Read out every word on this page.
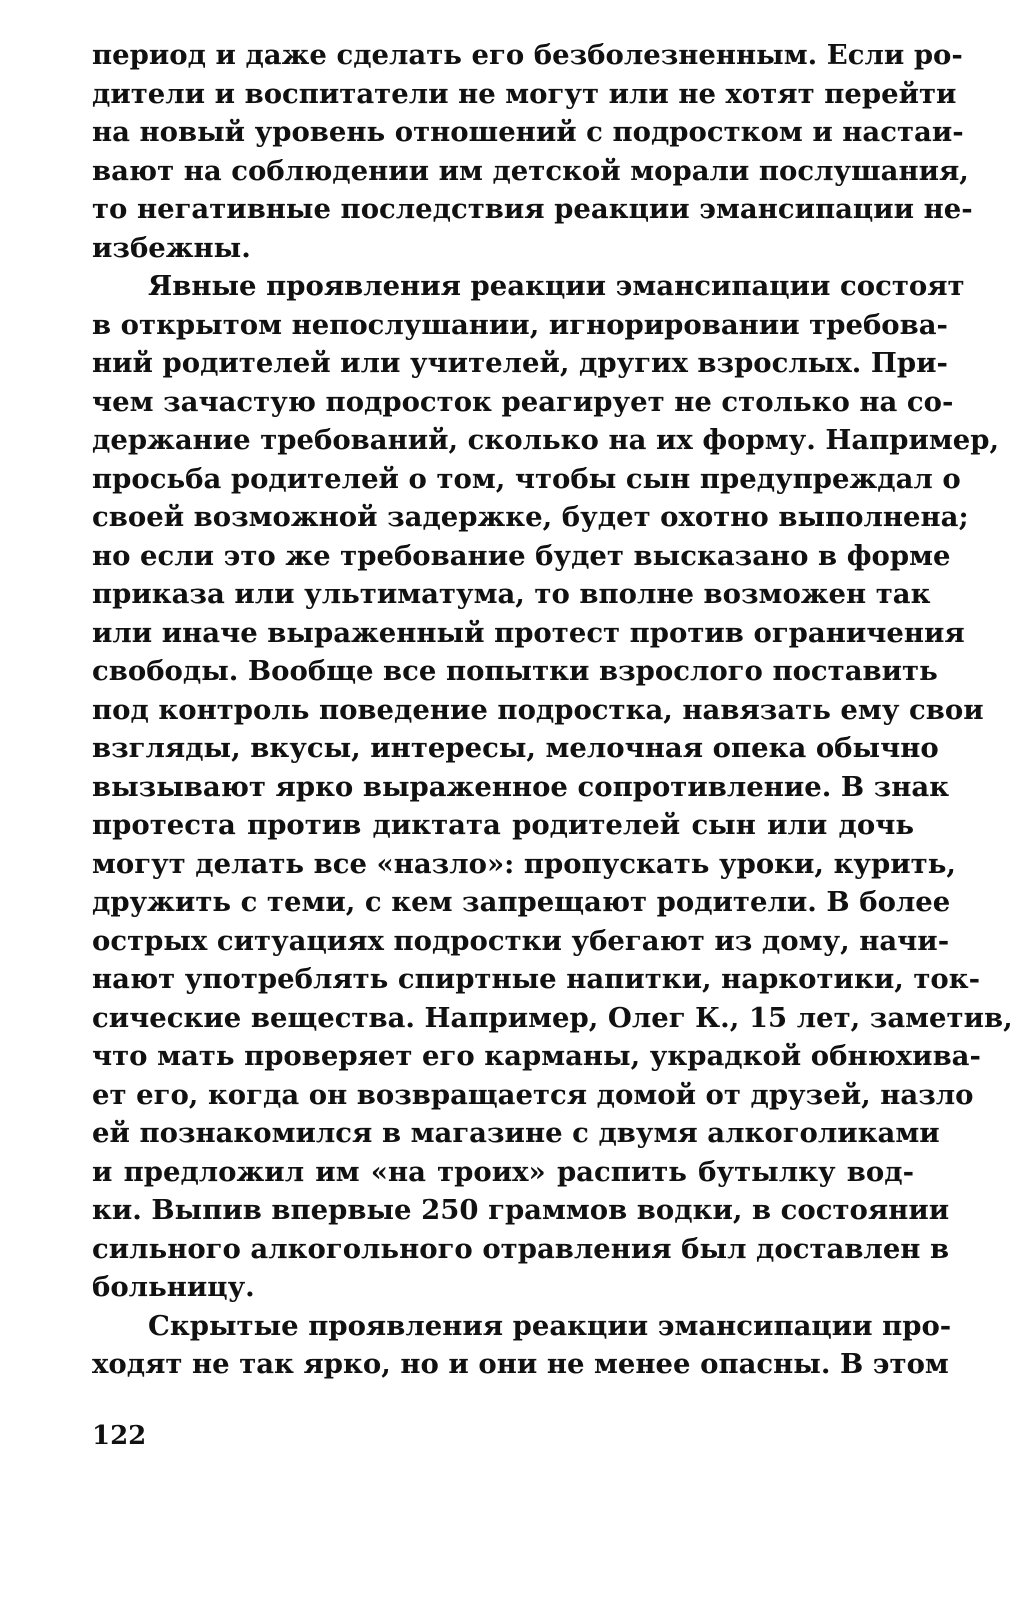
период и даже сделать его безболезненным. Если ро-
дители и воспитатели не могут или не хотят перейти
на новый уровень отношений с подростком и настаи-
вают на соблюдении им детской морали послушания,
то негативные последствия реакции эмансипации не-
избежны.
Явные проявления реакции эмансипации состоят
в открытом непослушании, игнорировании требова-
ний родителей или учителей, других взрослых. При-
чем зачастую подросток реагирует не столько на со-
держание требований, сколько на их форму. Например,
просьба родителей о том, чтобы сын предупреждал о
своей возможной задержке, будет охотно выполнена;
но если это же требование будет высказано в форме
приказа или ультиматума, то вполне возможен так
или иначе выраженный протест против ограничения
свободы. Вообще все попытки взрослого поставить
под контроль поведение подростка, навязать ему свои
взгляды, вкусы, интересы, мелочная опека обычно
вызывают ярко выраженное сопротивление. В знак
протеста против диктата родителей сын или дочь
могут делать все «назло»: пропускать уроки, курить,
дружить с теми, с кем запрещают родители. В более
острых ситуациях подростки убегают из дому, начи-
нают употреблять спиртные напитки, наркотики, ток-
сические вещества. Например, Олег К., 15 лет, заметив,
что мать проверяет его карманы, украдкой обнюхива-
ет его, когда он возвращается домой от друзей, назло
ей познакомился в магазине с двумя алкоголиками
и предложил им «на троих» распить бутылку вод-
ки. Выпив впервые 250 граммов водки, в состоянии
сильного алкогольного отравления был доставлен в
больницу.
Скрытые проявления реакции эмансипации про-
ходят не так ярко, но и они не менее опасны. В этом
122
